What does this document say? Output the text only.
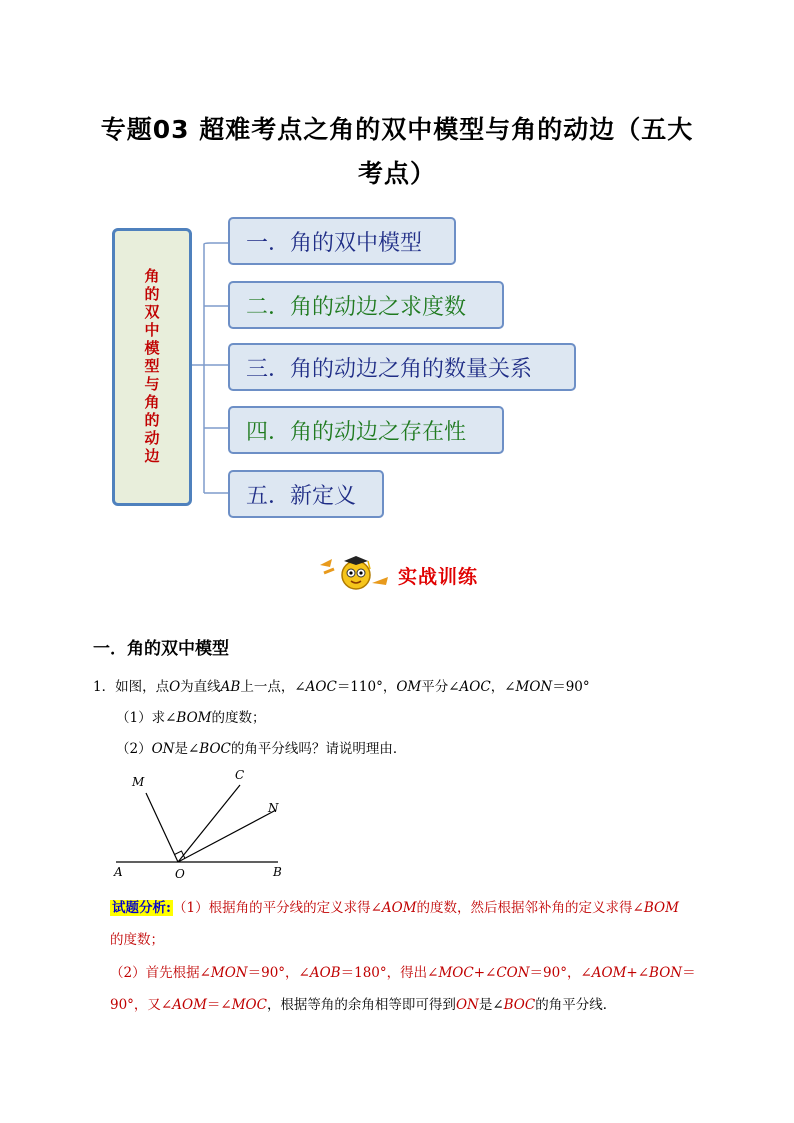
专题03 超难考点之角的双中模型与角的动边（五大
考点）
角的双中模型与角的动边
一．角的双中模型
二．角的动边之求度数
三．角的动边之角的数量关系
四．角的动边之存在性
五．新定义
实战训练
一．角的双中模型
1．如图，点O为直线AB上一点，∠AOC＝110°，OM平分∠AOC，∠MON＝90°
（1）求∠BOM的度数；
（2）ON是∠BOC的角平分线吗？请说明理由．
M	C
N
A	O	B
试题分析: （1）根据角的平分线的定义求得∠AOM的度数，然后根据邻补角的定义求得∠BOM
的度数；
（2）首先根据∠MON＝90°，∠AOB＝180°，得出∠MOC+∠CON＝90°，∠AOM+∠BON＝
90°，又∠AOM＝∠MOC，根据等角的余角相等即可得到ON是∠BOC的角平分线．
